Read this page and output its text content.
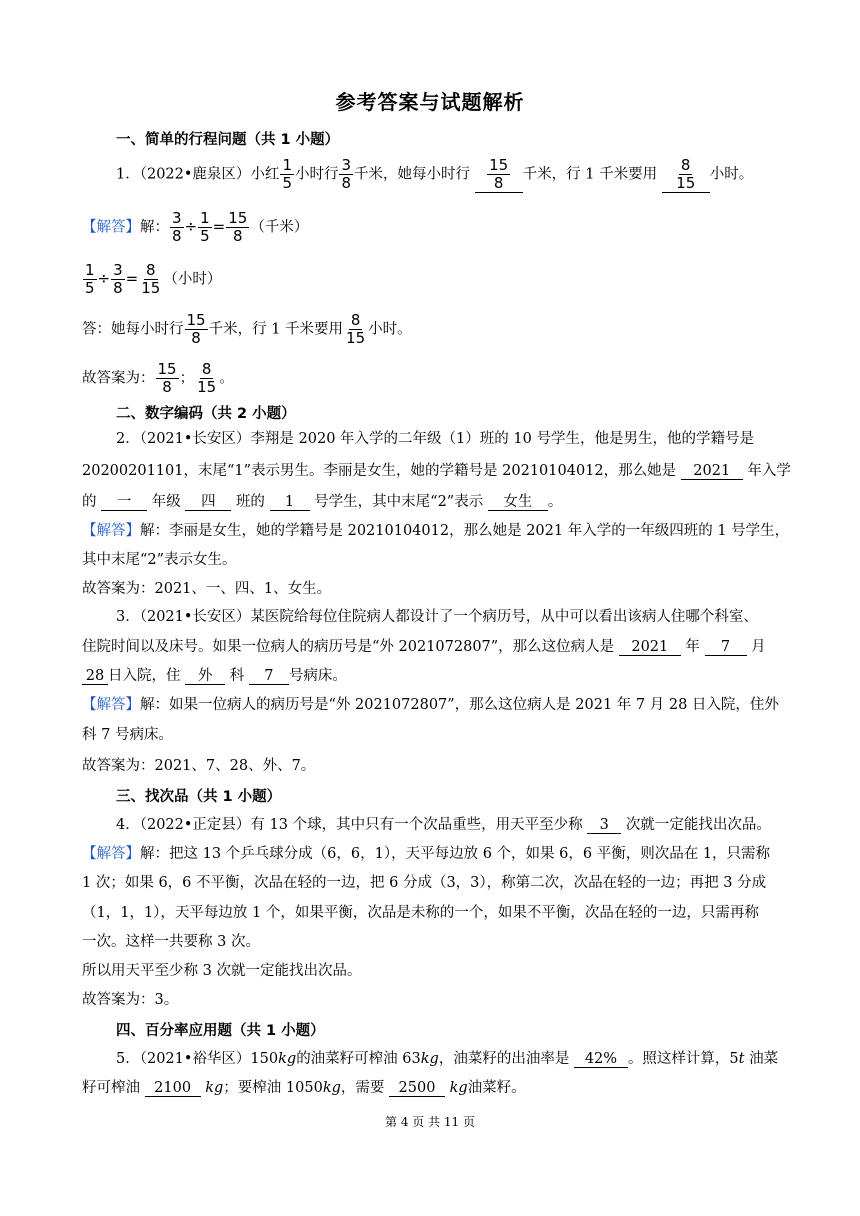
参考答案与试题解析
一、简单的行程问题（共 1 小题）
1．（2022•鹿泉区）小红 $\frac{1}{5}$ 小时行 $\frac{3}{8}$ 千米，她每小时行 $\frac{15}{8}$ 千米，行 1 千米要用 $\frac{8}{15}$ 小时。
【解答】解： $\frac{3}{8} \div \frac{1}{5} = \frac{15}{8}$ （千米）
$\frac{1}{5} \div \frac{3}{8} = \frac{8}{15}$ （小时）
答：她每小时行 $\frac{15}{8}$ 千米，行 1 千米要用 $\frac{8}{15}$ 小时。
故答案为： $\frac{15}{8}$ ； $\frac{8}{15}$ 。
二、数字编码（共 2 小题）
2．（2021•长安区）李翔是 2020 年入学的二年级（1）班的 10 号学生，他是男生，他的学籍号是
20200201101，末尾“1”表示男生。李丽是女生，她的学籍号是 20210104012，那么她是 2021 年入学
的 一 年级 四 班的 1 号学生，其中末尾“2”表示 女生 。
【解答】解：李丽是女生，她的学籍号是 20210104012，那么她是 2021 年入学的一年级四班的 1 号学生，
其中末尾“2”表示女生。
故答案为：2021、一、四、1、女生。
3．（2021•长安区）某医院给每位住院病人都设计了一个病历号，从中可以看出该病人住哪个科室、
住院时间以及床号。如果一位病人的病历号是“外 2021072807”，那么这位病人是 2021 年 7 月
28 日入院，住 外 科 7 号病床。
【解答】解：如果一位病人的病历号是“外 2021072807”，那么这位病人是 2021 年 7 月 28 日入院，住外
科 7 号病床。
故答案为：2021、7、28、外、7。
三、找次品（共 1 小题）
4．（2022•正定县）有 13 个球，其中只有一个次品重些，用天平至少称 3 次就一定能找出次品。
【解答】解：把这 13 个乒乓球分成（6，6，1），天平每边放 6 个，如果 6，6 平衡，则次品在 1，只需称
1 次；如果 6，6 不平衡，次品在轻的一边，把 6 分成（3，3），称第二次，次品在轻的一边；再把 3 分成
（1，1，1），天平每边放 1 个，如果平衡，次品是未称的一个，如果不平衡，次品在轻的一边，只需再称
一次。这样一共要称 3 次。
所以用天平至少称 3 次就一定能找出次品。
故答案为：3。
四、百分率应用题（共 1 小题）
5．（2021•裕华区）150kg的油菜籽可榨油 63kg，油菜籽的出油率是 42% 。照这样计算，5t 油菜
籽可榨油 2100 kg；要榨油 1050kg，需要 2500 kg油菜籽。
第 4 页 共 11 页
